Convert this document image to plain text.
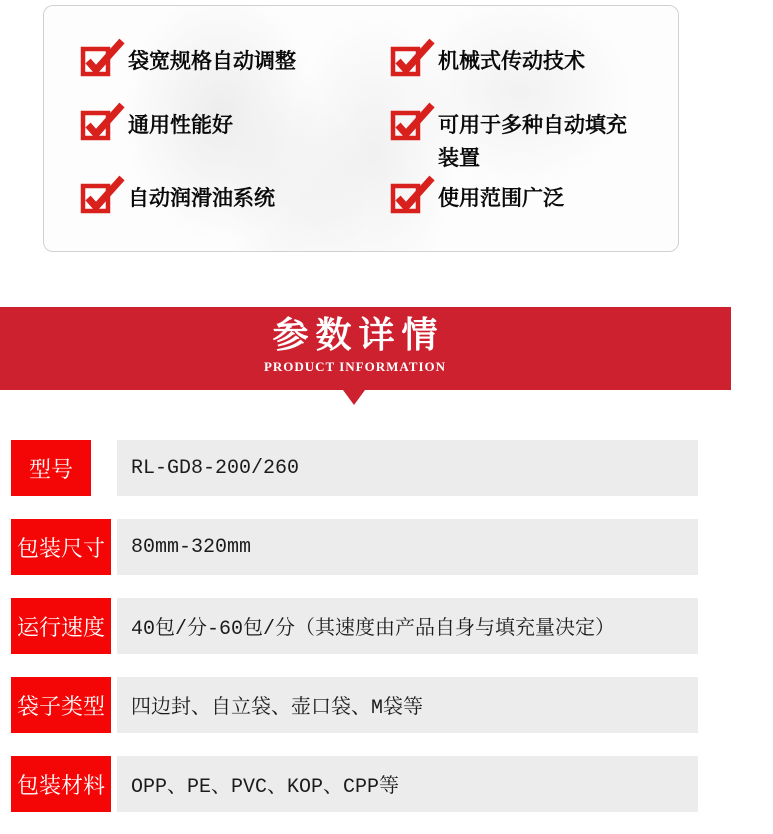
袋宽规格自动调整
通用性能好
自动润滑油系统
机械式传动技术
可用于多种自动填充装置
使用范围广泛
参数详情
PRODUCT INFORMATION
型号	RL-GD8-200/260
包装尺寸	80mm-320mm
运行速度	40包/分-60包/分（其速度由产品自身与填充量决定）
袋子类型	四边封、自立袋、壶口袋、M袋等
包装材料	OPP、PE、PVC、KOP、CPP等
